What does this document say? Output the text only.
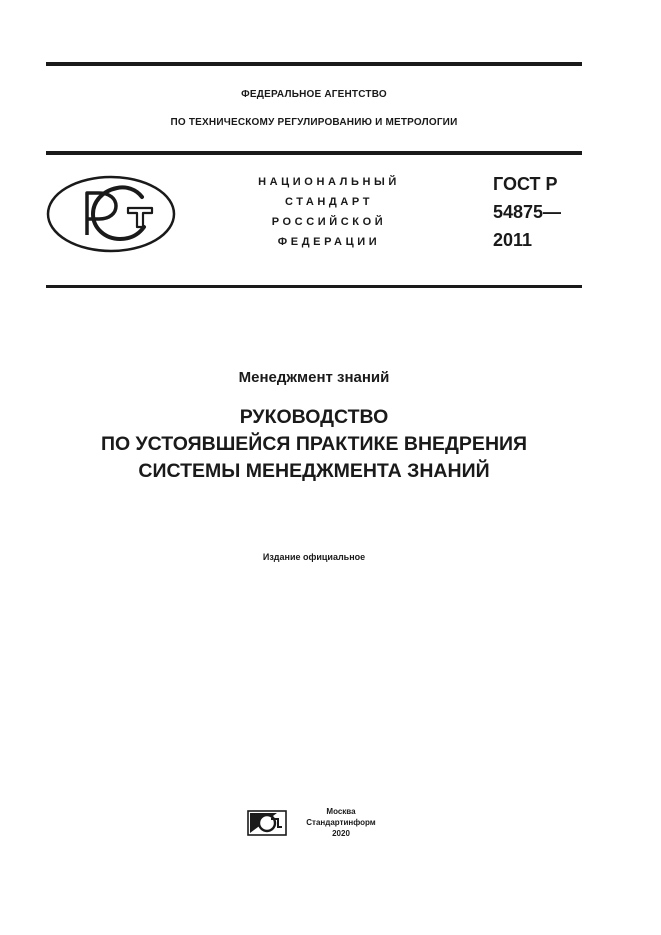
ФЕДЕРАЛЬНОЕ АГЕНТСТВО
ПО ТЕХНИЧЕСКОМУ РЕГУЛИРОВАНИЮ И МЕТРОЛОГИИ
НАЦИОНАЛЬНЫЙ
СТАНДАРТ
РОССИЙСКОЙ
ФЕДЕРАЦИИ
ГОСТ Р
54875—
2011
Менеджмент знаний
РУКОВОДСТВО
ПО УСТОЯВШЕЙСЯ ПРАКТИКЕ ВНЕДРЕНИЯ
СИСТЕМЫ МЕНЕДЖМЕНТА ЗНАНИЙ
Издание официальное
Москва
Стандартинформ
2020
